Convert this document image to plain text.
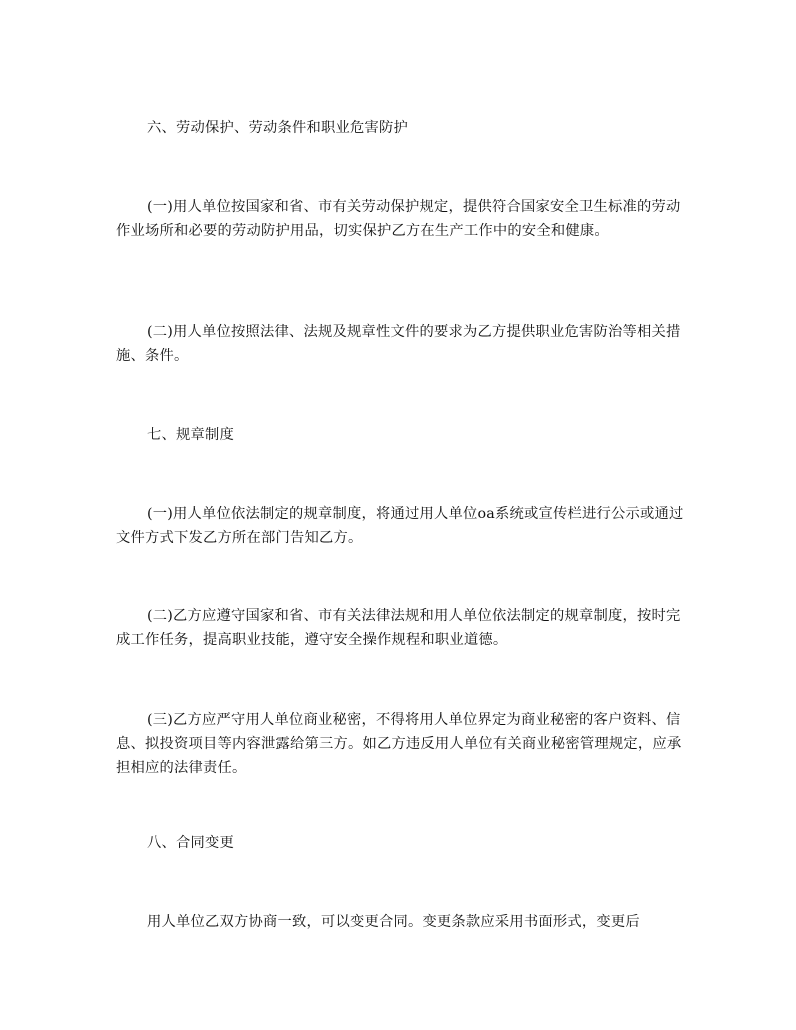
六、劳动保护、劳动条件和职业危害防护

(一)用人单位按国家和省、市有关劳动保护规定，提供符合国家安全卫生标准的劳动作业场所和必要的劳动防护用品，切实保护乙方在生产工作中的安全和健康。

(二)用人单位按照法律、法规及规章性文件的要求为乙方提供职业危害防治等相关措施、条件。

七、规章制度

(一)用人单位依法制定的规章制度，将通过用人单位oa系统或宣传栏进行公示或通过文件方式下发乙方所在部门告知乙方。

(二)乙方应遵守国家和省、市有关法律法规和用人单位依法制定的规章制度，按时完成工作任务，提高职业技能，遵守安全操作规程和职业道德。

(三)乙方应严守用人单位商业秘密，不得将用人单位界定为商业秘密的客户资料、信息、拟投资项目等内容泄露给第三方。如乙方违反用人单位有关商业秘密管理规定，应承担相应的法律责任。

八、合同变更

用人单位乙双方协商一致，可以变更合同。变更条款应采用书面形式，变更后
